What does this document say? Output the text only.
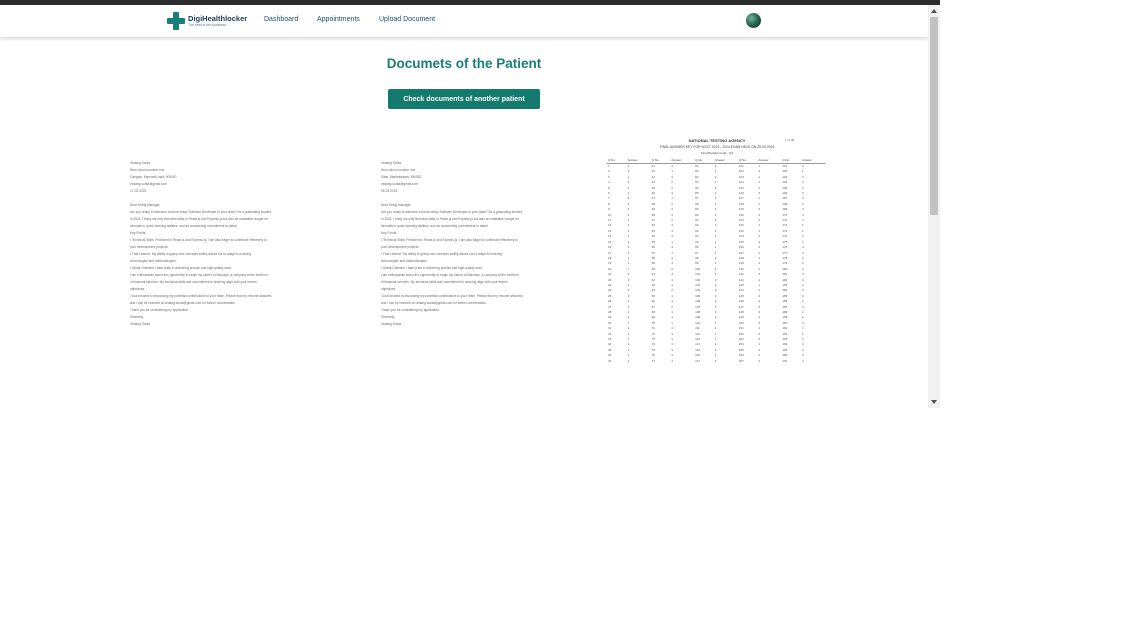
DigiHealthlocker
The best in the business
Dashboard	Appointments	Upload Document
Documets of the Patient
Check documents of another patient
Vedang Sunta
New school number one
Gangtok, Marchaki road, 000000
vedang.sunta@gmail.com
17-02-2024
Dear Hiring Manager,
Are you ready to welcome a future-ready Software Developer to your team? As a graduating student
in 2024, I bring not only technical skills in React.js and Express.js but also an insatiable hunger for
innovation, quick learning abilities, and an unwavering commitment to detail.
Key Points:
• Technical Skills: Proficient in React.js and Express.js, I am also eager to contribute effectively to
your development projects.
• Fast Learner: My ability to grasp new concepts swiftly allows me to adapt to evolving
technologies and methodologies.
• Detail-Oriented: I take pride in delivering precise and high-quality work.
I am enthusiastic about the opportunity to begin my career at Barclays, a company at the forefront
of financial services. My technical skills and commitment to learning align with your team's
objectives.
I look forward to discussing my potential contributions to your team. Please find my resume attached,
and I can be reached at vedang.sunta@gmail.com for further conversation.
Thank you for considering my application.
Sincerely,
Vedang Sunta
Vedang Sunta
New school number one
Sikar, Marketplaces, 450032
vedang.sunta@gmail.com
05-05-2024
Dear Hiring Manager,
Are you ready to welcome a future-ready Software Developer to your team? As a graduating student
in 2024, I bring not only technical skills in React.js and Express.js but also an insatiable hunger for
innovation, quick learning abilities, and an unwavering commitment to detail.
Key Points:
• Technical Skills: Proficient in React.js and Express.js, I am also eager to contribute effectively to
your development projects.
• Fast Learner: My ability to grasp new concepts swiftly allows me to adapt to evolving
technologies and methodologies.
• Detail-Oriented: I take pride in delivering precise and high-quality work.
I am enthusiastic about the opportunity to begin my career at Barclays, a company at the forefront
of financial services. My technical skills and commitment to learning align with your team's
objectives.
I look forward to discussing my potential contributions to your team. Please find my resume attached,
and I can be reached at vedang.sunta@gmail.com for further conversation.
Thank you for considering my application.
Sincerely,
Vedang Sunta
NATIONAL TESTING AGENCY	1 of 48
FINAL ANSWER KEY FOR NCET 2023 - 2024 EXAM HELD ON 28.03.2024
Final Booklet Code - Q4
Q.No.	Answer	Q.No.	Answer	Q.No.	Answer	Q.No.	Answer	Q.No.	Answer
1	2	41	4	81	2	121	1	161	2
2	3	42	1	82	4	122	3	162	1
3	1	43	3	83	2	123	1	163	4
4	1	44	2	84	2	124	1	164	4
5	2	45	2	85	2	125	4	165	2
6	2	46	3	86	4	126	3	166	3
7	4	47	1	87	1	127	2	167	3
8	4	48	2	88	1	128	1	168	3
9	3	49	2	89	4	129	2	169	4
10	4	50	3	90	4	130	3	170	4
11	1	51	2	91	2	131	2	171	4
12	3	52	1	92	3	132	1	172	3
13	1	53	4	93	1	133	1	173	1
14	1	54	3	94	1	134	2	174	2
15	2	55	1	95	1	135	4	175	1
16	3	56	4	96	1	136	2	176	4
17	2	57	1	97	1	137	1	177	3
18	1	58	3	98	2	138	2	178	2
19	1	59	3	99	1	139	1	179	2
20	4	60	2	100	2	140	1	180	2
21	2	61	3	101	1	141	3	181	3
22	3	62	4	102	3	142	1	182	3
23	4	63	1	103	3	143	1	183	4
24	2	64	2	104	3	144	1	184	2
25	3	65	1	105	2	145	3	185	4
26	4	66	4	106	3	146	2	186	1
27	2	67	2	107	4	147	3	187	3
28	1	68	1	108	3	148	3	188	1
29	3	69	1	109	2	149	3	189	2
30	1	70	1	110	1	150	4	190	3
31	2	71	4	111	1	151	4	191	1
32	3	72	3	112	1	152	2	192	1
33	1	73	1	113	1	153	2	193	2
34	1	74	3	114	2	154	1	194	4
35	2	75	3	115	4	155	4	195	2
36	1	76	4	116	4	156	2	196	3
37	4	77	4	117	3	157	3	197	4
